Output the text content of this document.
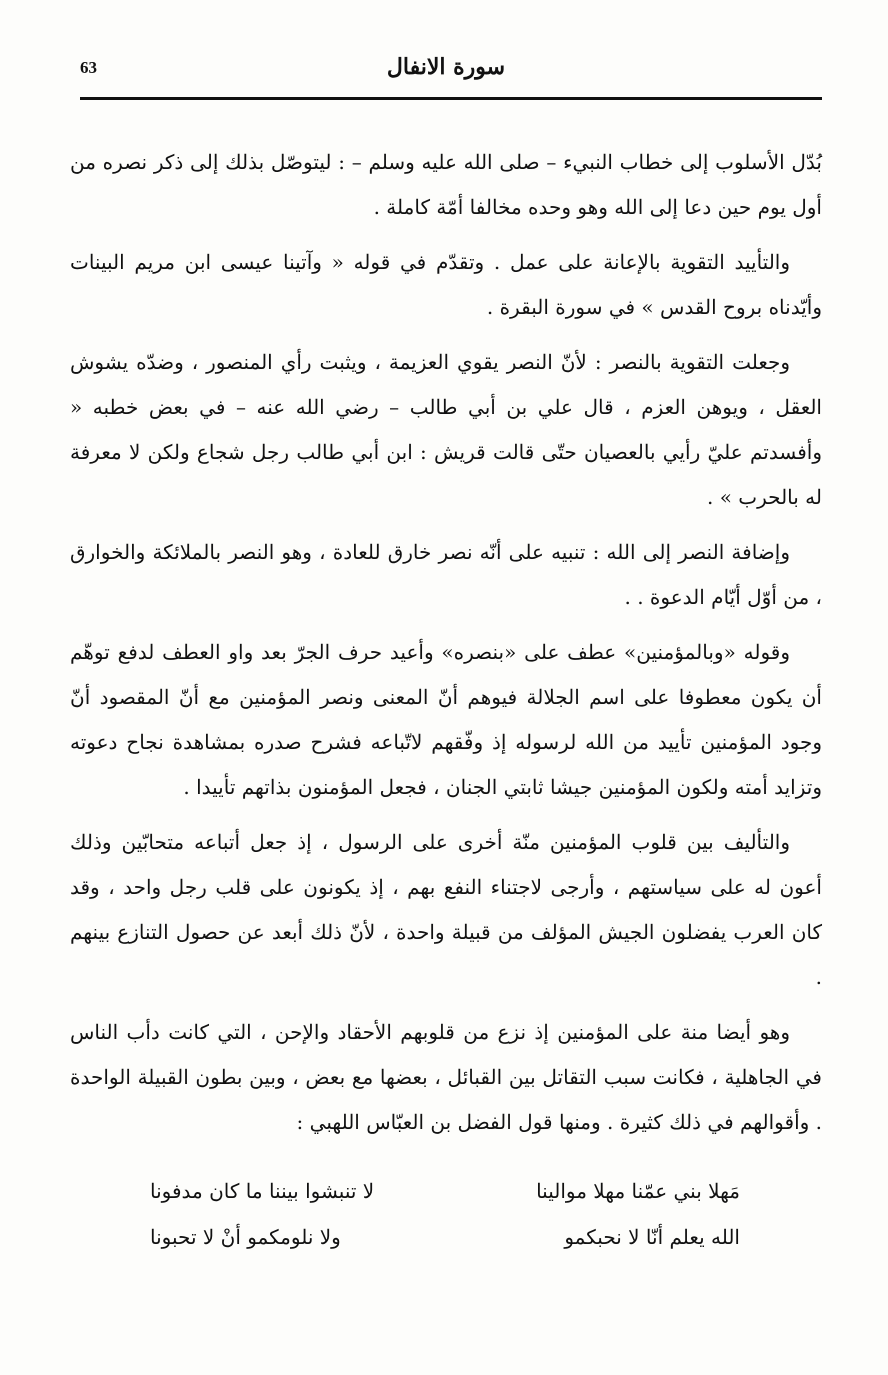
63	سورة الانفال

بُدّل الأسلوب إلى خطاب النبيء – صلى الله عليه وسلم – : ليتوصّل بذلك إلى ذكر نصره من أول يوم حين دعا إلى الله وهو وحده مخالفا أمّة كاملة .

والتأييد التقوية بالإعانة على عمل . وتقدّم في قوله « وآتينا عيسى ابن مريم البينات وأيّدناه بروح القدس » في سورة البقرة .

وجعلت التقوية بالنصر : لأنّ النصر يقوي العزيمة ، ويثبت رأي المنصور ، وضدّه يشوش العقل ، ويوهن العزم ، قال علي بن أبي طالب – رضي الله عنه – في بعض خطبه « وأفسدتم عليّ رأيي بالعصيان حتّى قالت قريش : ابن أبي طالب رجل شجاع ولكن لا معرفة له بالحرب » .

وإضافة النصر إلى الله : تنبيه على أنّه نصر خارق للعادة ، وهو النصر بالملائكة والخوارق ، من أوّل أيّام الدعوة . .

وقوله «وبالمؤمنين» عطف على «بنصره» وأعيد حرف الجرّ بعد واو العطف لدفع توهّم أن يكون معطوفا على اسم الجلالة فيوهم أنّ المعنى ونصر المؤمنين مع أنّ المقصود أنّ وجود المؤمنين تأييد من الله لرسوله إذ وفّقهم لاتّباعه فشرح صدره بمشاهدة نجاح دعوته وتزايد أمته ولكون المؤمنين جيشا ثابتي الجنان ، فجعل المؤمنون بذاتهم تأييدا .

والتأليف بين قلوب المؤمنين منّة أخرى على الرسول ، إذ جعل أتباعه متحابّين وذلك أعون له على سياستهم ، وأرجى لاجتناء النفع بهم ، إذ يكونون على قلب رجل واحد ، وقد كان العرب يفضلون الجيش المؤلف من قبيلة واحدة ، لأنّ ذلك أبعد عن حصول التنازع بينهم .

وهو أيضا منة على المؤمنين إذ نزع من قلوبهم الأحقاد والإحن ، التي كانت دأب الناس في الجاهلية ، فكانت سبب التقاتل بين القبائل ، بعضها مع بعض ، وبين بطون القبيلة الواحدة . وأقوالهم في ذلك كثيرة . ومنها قول الفضل بن العبّاس اللهبي :

مَهلا بني عمّنا مهلا موالينا
لا تنبشوا بيننا ما كان مدفونا
الله يعلم أنّا لا نحبكمو
ولا نلومكمو أنْ لا تحبونا
